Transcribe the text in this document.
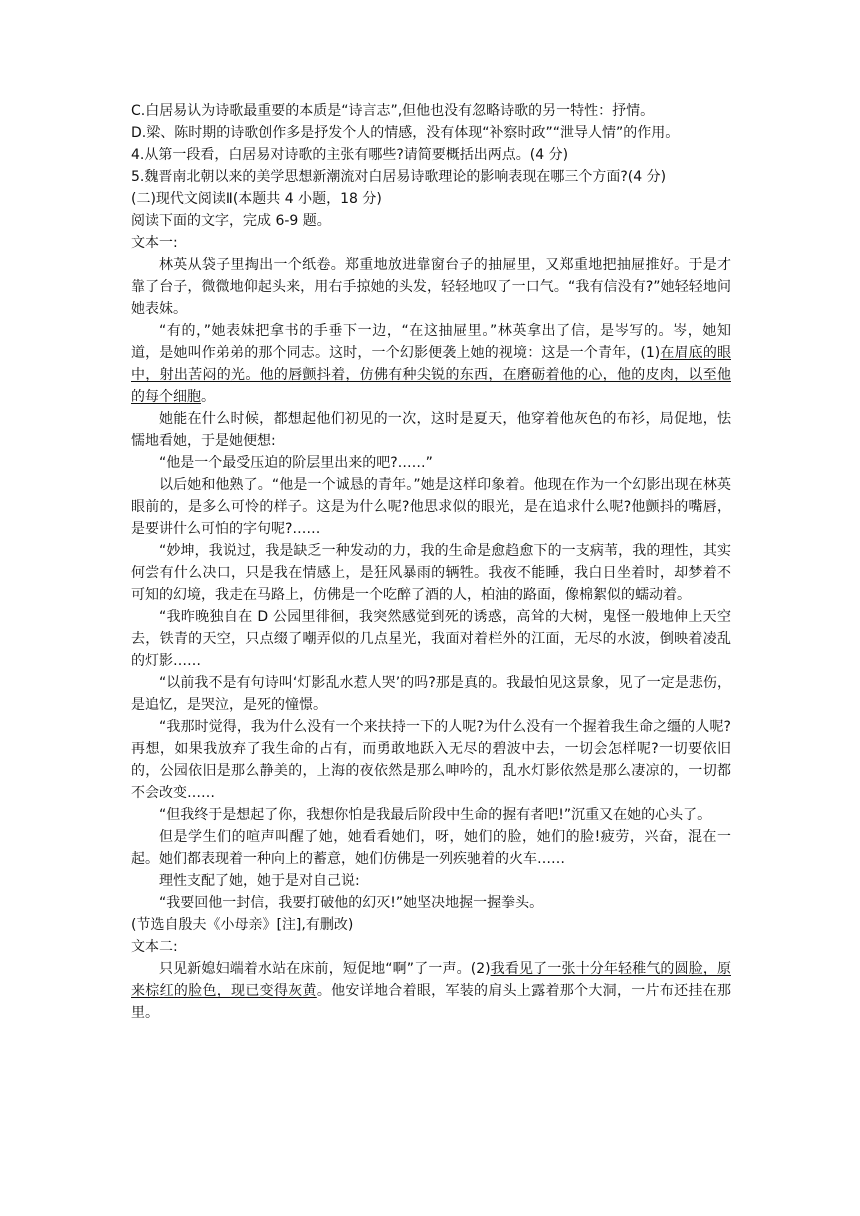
C.白居易认为诗歌最重要的本质是“诗言志”,但他也没有忽略诗歌的另一特性：抒情。

D.梁、陈时期的诗歌创作多是抒发个人的情感，没有体现“补察时政”“泄导人情”的作用。

4.从第一段看，白居易对诗歌的主张有哪些?请简要概括出两点。(4 分)

5.魏晋南北朝以来的美学思想新潮流对白居易诗歌理论的影响表现在哪三个方面?(4 分)

(二)现代文阅读Ⅱ(本题共 4 小题，18 分)

阅读下面的文字，完成 6-9 题。

文本一:

林英从袋子里掏出一个纸卷。郑重地放进靠窗台子的抽屉里，又郑重地把抽屉推好。于是才靠了台子，微微地仰起头来，用右手掠她的头发，轻轻地叹了一口气。“我有信没有?”她轻轻地问她表妹。

“有的，”她表妹把拿书的手垂下一边，“在这抽屉里。”林英拿出了信，是岑写的。岑，她知道，是她叫作弟弟的那个同志。这时，一个幻影便袭上她的视境：这是一个青年，(1)在眉底的眼中，射出苦闷的光。他的唇颤抖着，仿佛有种尖锐的东西，在磨砺着他的心，他的皮肉，以至他的每个细胞。

她能在什么时候，都想起他们初见的一次，这时是夏天，他穿着他灰色的布衫，局促地，怯懦地看她，于是她便想:

“他是一个最受压迫的阶层里出来的吧?……”

以后她和他熟了。“他是一个诚恳的青年。”她是这样印象着。他现在作为一个幻影出现在林英眼前的，是多么可怜的样子。这是为什么呢?他思求似的眼光，是在追求什么呢?他颤抖的嘴唇，是要讲什么可怕的字句呢?……

“妙坤，我说过，我是缺乏一种发动的力，我的生命是愈趋愈下的一支病苇，我的理性，其实何尝有什么决口，只是我在情感上，是狂风暴雨的辆牲。我夜不能睡，我白日坐着时，却梦着不可知的幻境，我走在马路上，仿佛是一个吃醉了酒的人，柏油的路面，像棉絮似的蠕动着。

“我昨晚独自在 D 公园里徘徊，我突然感觉到死的诱惑，高耸的大树，鬼怪一般地伸上天空去，铁青的天空，只点缀了嘲弄似的几点星光，我面对着栏外的江面，无尽的水波，倒映着凌乱的灯影……

“以前我不是有句诗叫‘灯影乱水惹人哭’的吗?那是真的。我最怕见这景象，见了一定是悲伤，是追忆，是哭泣，是死的憧憬。

“我那时觉得，我为什么没有一个来扶持一下的人呢?为什么没有一个握着我生命之缰的人呢?再想，如果我放弃了我生命的占有，而勇敢地跃入无尽的碧波中去，一切会怎样呢?一切要依旧的，公园依旧是那么静美的，上海的夜依然是那么呻吟的，乱水灯影依然是那么凄凉的，一切都不会改变……

“但我终于是想起了你，我想你怕是我最后阶段中生命的握有者吧!”沉重又在她的心头了。

但是学生们的喧声叫醒了她，她看看她们，呀，她们的脸，她们的脸!疲劳，兴奋，混在一起。她们都表现着一种向上的蓄意，她们仿佛是一列疾驰着的火车……

理性支配了她，她于是对自己说:

“我要回他一封信，我要打破他的幻灭!”她坚决地握一握拳头。

(节选自殷夫《小母亲》[注],有删改)

文本二:

只见新媳妇端着水站在床前，短促地“啊”了一声。(2)我看见了一张十分年轻稚气的圆脸，原来棕红的脸色，现已变得灰黄。他安详地合着眼，军装的肩头上露着那个大洞，一片布还挂在那里。
